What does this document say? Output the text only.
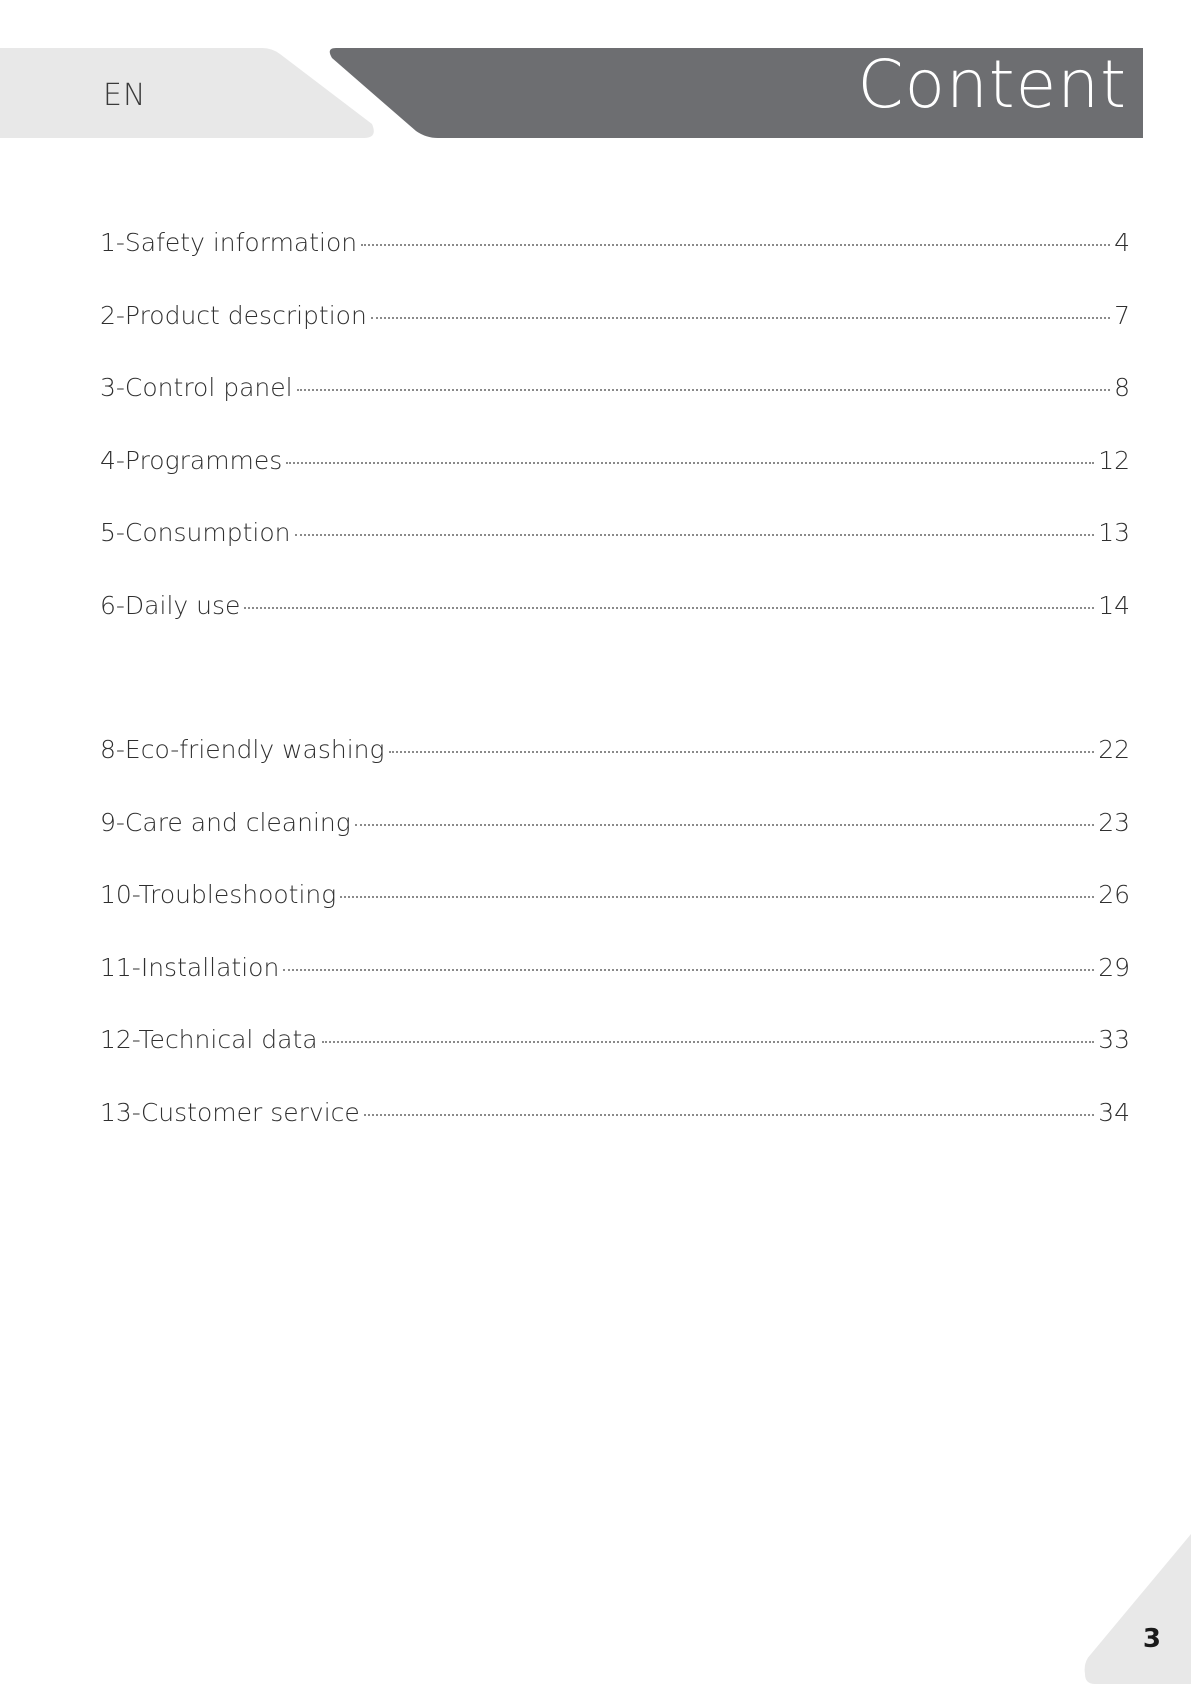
EN	Content
1-Safety information	4
2-Product description	7
3-Control panel	8
4-Programmes	12
5-Consumption	13
6-Daily use	14
8-Eco-friendly washing	22
9-Care and cleaning	23
10-Troubleshooting	26
11-Installation	29
12-Technical data	33
13-Customer service	34
3
